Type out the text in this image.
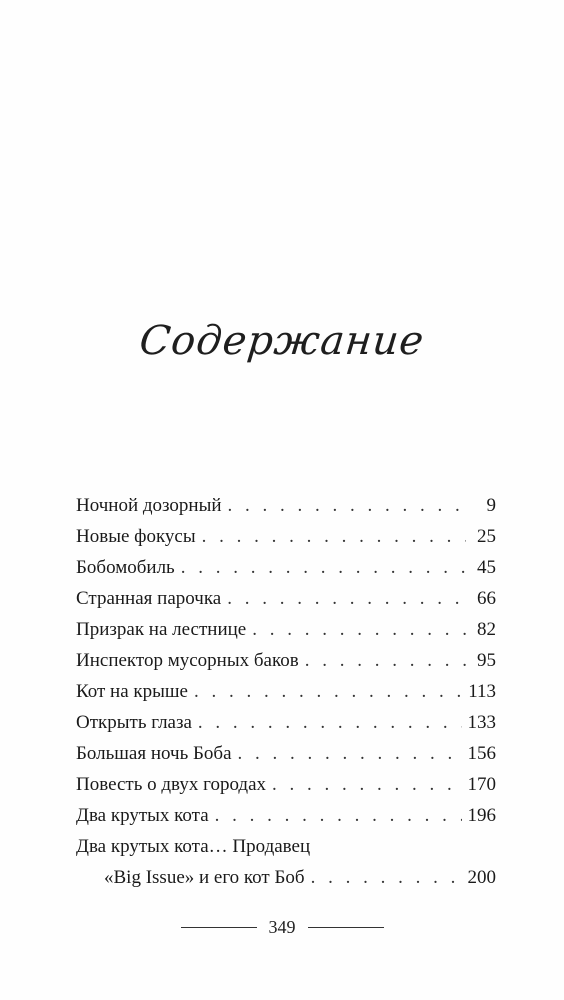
Содержание
Ночной дозорный . . .	9
Новые фокусы . . .	25
Бобомобиль . . .	45
Странная парочка . . .	66
Призрак на лестнице . . .	82
Инспектор мусорных баков . . .	95
Кот на крыше . . .	113
Открыть глаза . . .	133
Большая ночь Боба . . .	156
Повесть о двух городах . . .	170
Два крутых кота . . .	196
Два крутых кота… Продавец
«Big Issue» и его кот Боб . . .	200
349
